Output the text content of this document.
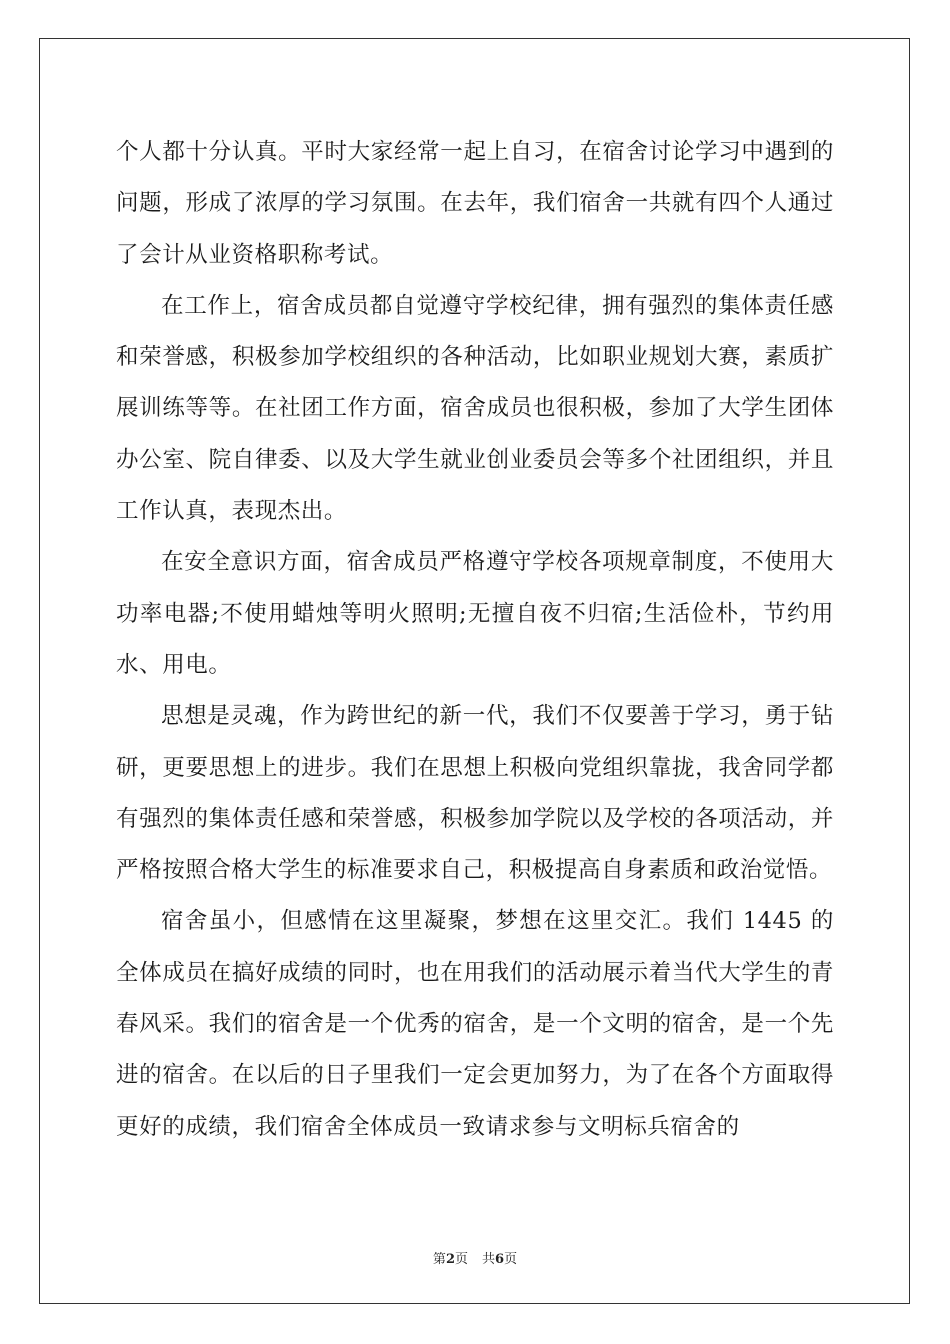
个人都十分认真。平时大家经常一起上自习，在宿舍讨论学习中遇到的问题，形成了浓厚的学习氛围。在去年，我们宿舍一共就有四个人通过了会计从业资格职称考试。

在工作上，宿舍成员都自觉遵守学校纪律，拥有强烈的集体责任感和荣誉感，积极参加学校组织的各种活动，比如职业规划大赛，素质扩展训练等等。在社团工作方面，宿舍成员也很积极，参加了大学生团体办公室、院自律委、以及大学生就业创业委员会等多个社团组织，并且工作认真，表现杰出。

在安全意识方面，宿舍成员严格遵守学校各项规章制度，不使用大功率电器;不使用蜡烛等明火照明;无擅自夜不归宿;生活俭朴，节约用水、用电。

思想是灵魂，作为跨世纪的新一代，我们不仅要善于学习，勇于钻研，更要思想上的进步。我们在思想上积极向党组织靠拢，我舍同学都有强烈的集体责任感和荣誉感，积极参加学院以及学校的各项活动，并严格按照合格大学生的标准要求自己，积极提高自身素质和政治觉悟。

宿舍虽小，但感情在这里凝聚，梦想在这里交汇。我们 1445 的全体成员在搞好成绩的同时，也在用我们的活动展示着当代大学生的青春风采。我们的宿舍是一个优秀的宿舍，是一个文明的宿舍，是一个先进的宿舍。在以后的日子里我们一定会更加努力，为了在各个方面取得更好的成绩，我们宿舍全体成员一致请求参与文明标兵宿舍的

第2页 共6页
